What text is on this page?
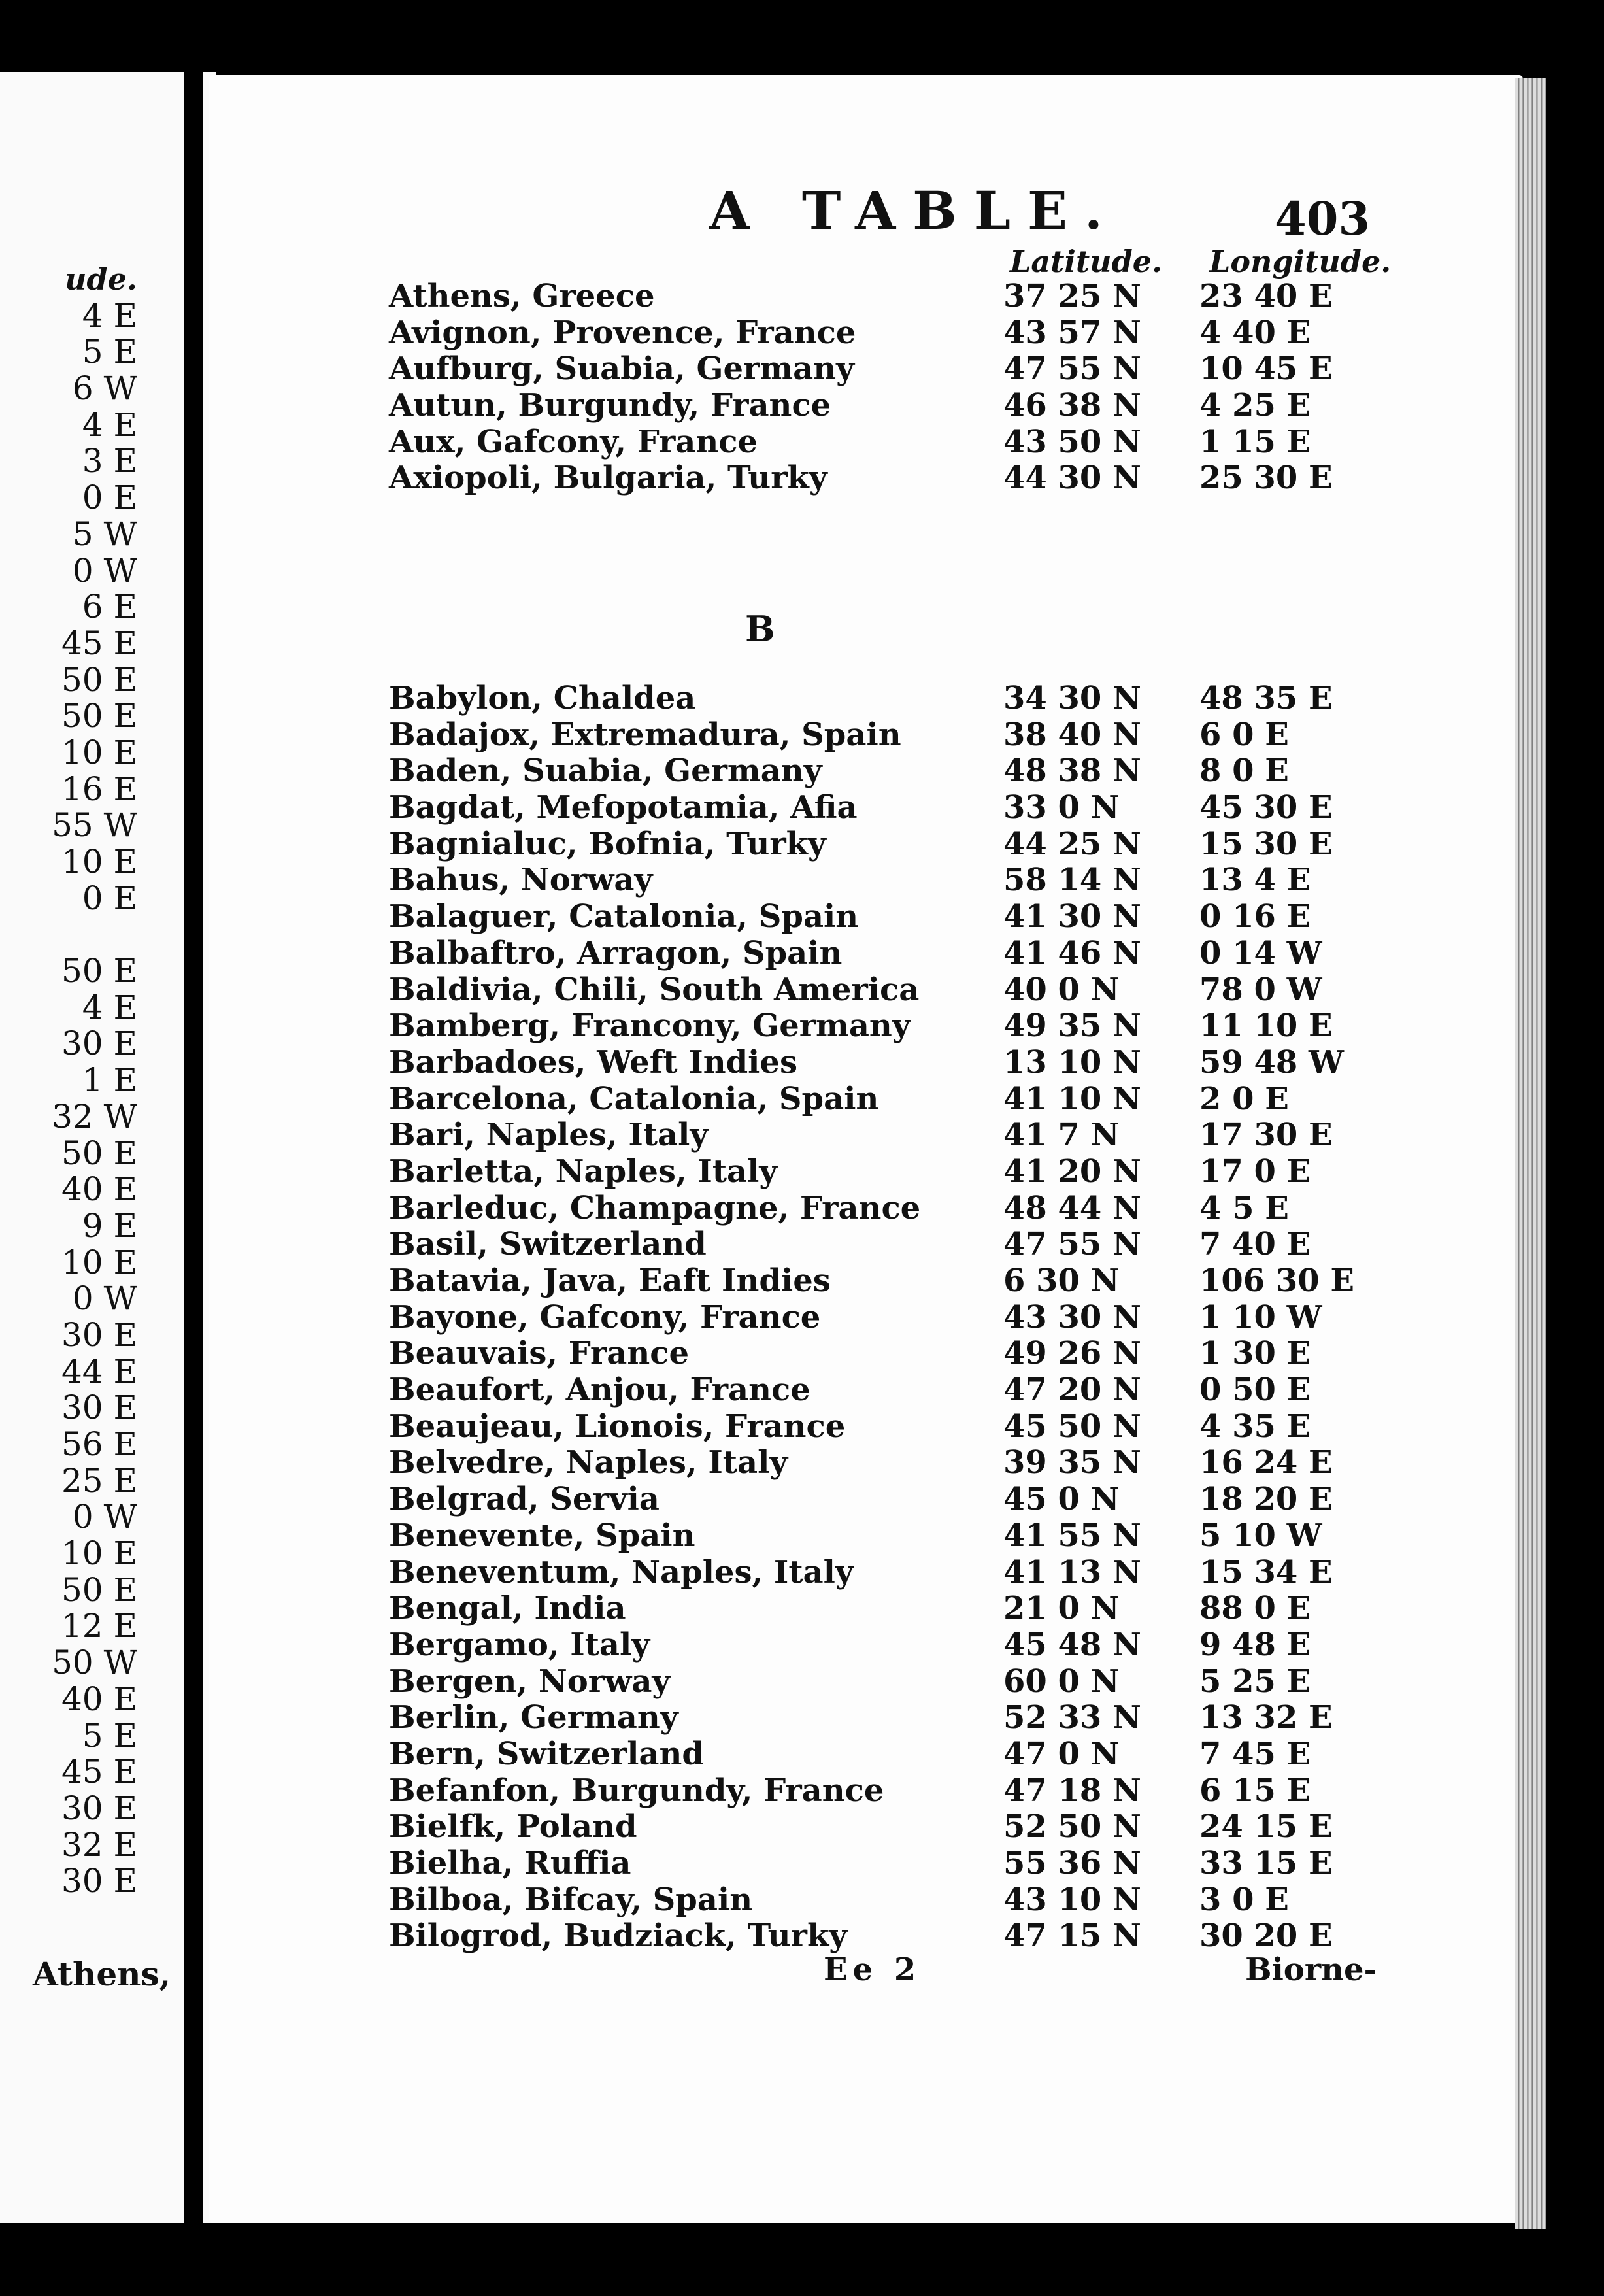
ude.
4 E
5 E
6 W
4 E
3 E
0 E
5 W
0 W
6 E
45 E
50 E
50 E
10 E
16 E
55 W
10 E
0 E
50 E
4 E
30 E
1 E
32 W
50 E
40 E
9 E
10 E
0 W
30 E
44 E
30 E
56 E
25 E
0 W
10 E
50 E
12 E
50 W
40 E
5 E
45 E
30 E
32 E
30 E
Athens,
A TABLE.	403
Latitude. Longitude.
Athens, Greece	37 25 N	23 40 E
Avignon, Provence, France	43 57 N	4 40 E
Aufburg, Suabia, Germany	47 55 N	10 45 E
Autun, Burgundy, France	46 38 N	4 25 E
Aux, Gafcony, France	43 50 N	1 15 E
Axiopoli, Bulgaria, Turky	44 30 N	25 30 E
B
Babylon, Chaldea	34 30 N	48 35 E
Badajox, Extremadura, Spain	38 40 N	6 0 E
Baden, Suabia, Germany	48 38 N	8 0 E
Bagdat, Mefopotamia, Afia	33 0 N	45 30 E
Bagnialuc, Bofnia, Turky	44 25 N	15 30 E
Bahus, Norway	58 14 N	13 4 E
Balaguer, Catalonia, Spain	41 30 N	0 16 E
Balbaftro, Arragon, Spain	41 46 N	0 14 W
Baldivia, Chili, South America	40 0 N	78 0 W
Bamberg, Francony, Germany	49 35 N	11 10 E
Barbadoes, Weft Indies	13 10 N	59 48 W
Barcelona, Catalonia, Spain	41 10 N	2 0 E
Bari, Naples, Italy	41 7 N	17 30 E
Barletta, Naples, Italy	41 20 N	17 0 E
Barleduc, Champagne, France	48 44 N	4 5 E
Basil, Switzerland	47 55 N	7 40 E
Batavia, Java, Eaft Indies	6 30 N	106 30 E
Bayone, Gafcony, France	43 30 N	1 10 W
Beauvais, France	49 26 N	1 30 E
Beaufort, Anjou, France	47 20 N	0 50 E
Beaujeau, Lionois, France	45 50 N	4 35 E
Belvedre, Naples, Italy	39 35 N	16 24 E
Belgrad, Servia	45 0 N	18 20 E
Benevente, Spain	41 55 N	5 10 W
Beneventum, Naples, Italy	41 13 N	15 34 E
Bengal, India	21 0 N	88 0 E
Bergamo, Italy	45 48 N	9 48 E
Bergen, Norway	60 0 N	5 25 E
Berlin, Germany	52 33 N	13 32 E
Bern, Switzerland	47 0 N	7 45 E
Befanfon, Burgundy, France	47 18 N	6 15 E
Bielfk, Poland	52 50 N	24 15 E
Bielha, Ruffia	55 36 N	33 15 E
Bilboa, Bifcay, Spain	43 10 N	3 0 E
Bilogrod, Budziack, Turky	47 15 N	30 20 E
Ee 2	Biorne-
